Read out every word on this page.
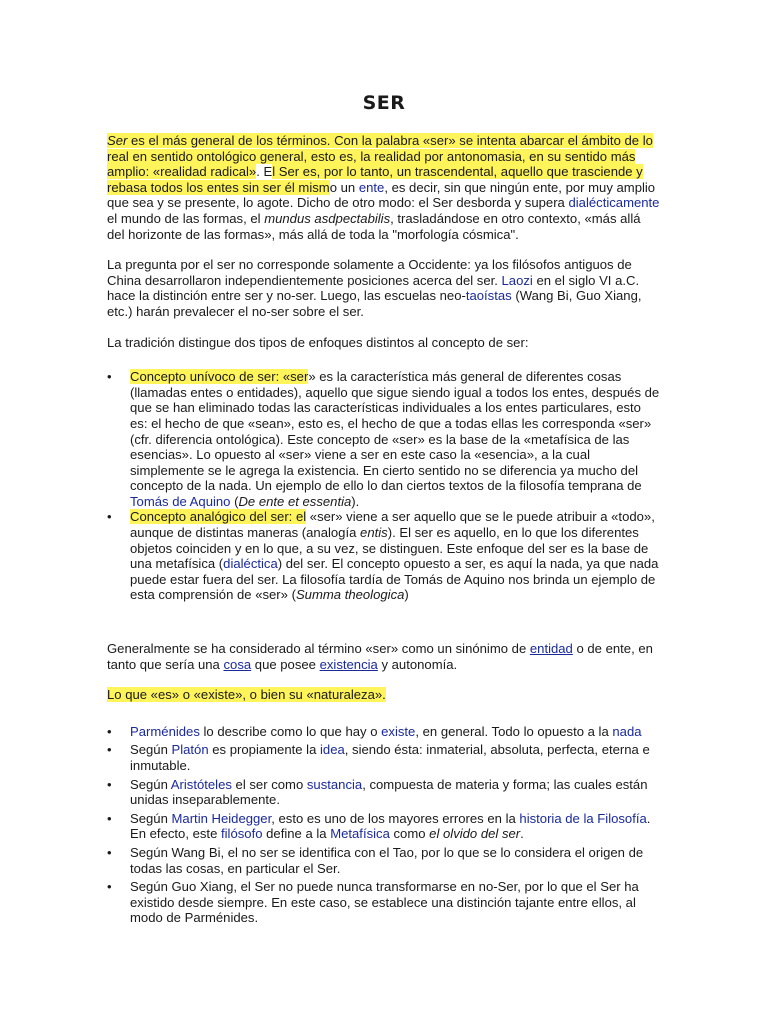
SER

Ser es el más general de los términos. Con la palabra «ser» se intenta abarcar el ámbito de lo real en sentido ontológico general, esto es, la realidad por antonomasia, en su sentido más amplio: «realidad radical». El Ser es, por lo tanto, un trascendental, aquello que trasciende y rebasa todos los entes sin ser él mismo un ente, es decir, sin que ningún ente, por muy amplio que sea y se presente, lo agote. Dicho de otro modo: el Ser desborda y supera dialécticamente el mundo de las formas, el mundus asdpectabilis, trasladándose en otro contexto, «más allá del horizonte de las formas», más allá de toda la "morfología cósmica".

La pregunta por el ser no corresponde solamente a Occidente: ya los filósofos antiguos de China desarrollaron independientemente posiciones acerca del ser. Laozi en el siglo VI a.C. hace la distinción entre ser y no-ser. Luego, las escuelas neo-taoístas (Wang Bi, Guo Xiang, etc.) harán prevalecer el no-ser sobre el ser.

La tradición distingue dos tipos de enfoques distintos al concepto de ser:

• Concepto unívoco de ser: «ser» es la característica más general de diferentes cosas (llamadas entes o entidades), aquello que sigue siendo igual a todos los entes, después de que se han eliminado todas las características individuales a los entes particulares, esto es: el hecho de que «sean», esto es, el hecho de que a todas ellas les corresponda «ser» (cfr. diferencia ontológica). Este concepto de «ser» es la base de la «metafísica de las esencias». Lo opuesto al «ser» viene a ser en este caso la «esencia», a la cual simplemente se le agrega la existencia. En cierto sentido no se diferencia ya mucho del concepto de la nada. Un ejemplo de ello lo dan ciertos textos de la filosofía temprana de Tomás de Aquino (De ente et essentia).
• Concepto analógico del ser: el «ser» viene a ser aquello que se le puede atribuir a «todo», aunque de distintas maneras (analogía entis). El ser es aquello, en lo que los diferentes objetos coinciden y en lo que, a su vez, se distinguen. Este enfoque del ser es la base de una metafísica (dialéctica) del ser. El concepto opuesto a ser, es aquí la nada, ya que nada puede estar fuera del ser. La filosofía tardía de Tomás de Aquino nos brinda un ejemplo de esta comprensión de «ser» (Summa theologica)

Generalmente se ha considerado al término «ser» como un sinónimo de entidad o de ente, en tanto que sería una cosa que posee existencia y autonomía.

Lo que «es» o «existe», o bien su «naturaleza».

• Parménides lo describe como lo que hay o existe, en general. Todo lo opuesto a la nada
• Según Platón es propiamente la idea, siendo ésta: inmaterial, absoluta, perfecta, eterna e inmutable.
• Según Aristóteles el ser como sustancia, compuesta de materia y forma; las cuales están unidas inseparablemente.
• Según Martin Heidegger, esto es uno de los mayores errores en la historia de la Filosofía. En efecto, este filósofo define a la Metafísica como el olvido del ser.
• Según Wang Bi, el no ser se identifica con el Tao, por lo que se lo considera el origen de todas las cosas, en particular el Ser.
• Según Guo Xiang, el Ser no puede nunca transformarse en no-Ser, por lo que el Ser ha existido desde siempre. En este caso, se establece una distinción tajante entre ellos, al modo de Parménides.
